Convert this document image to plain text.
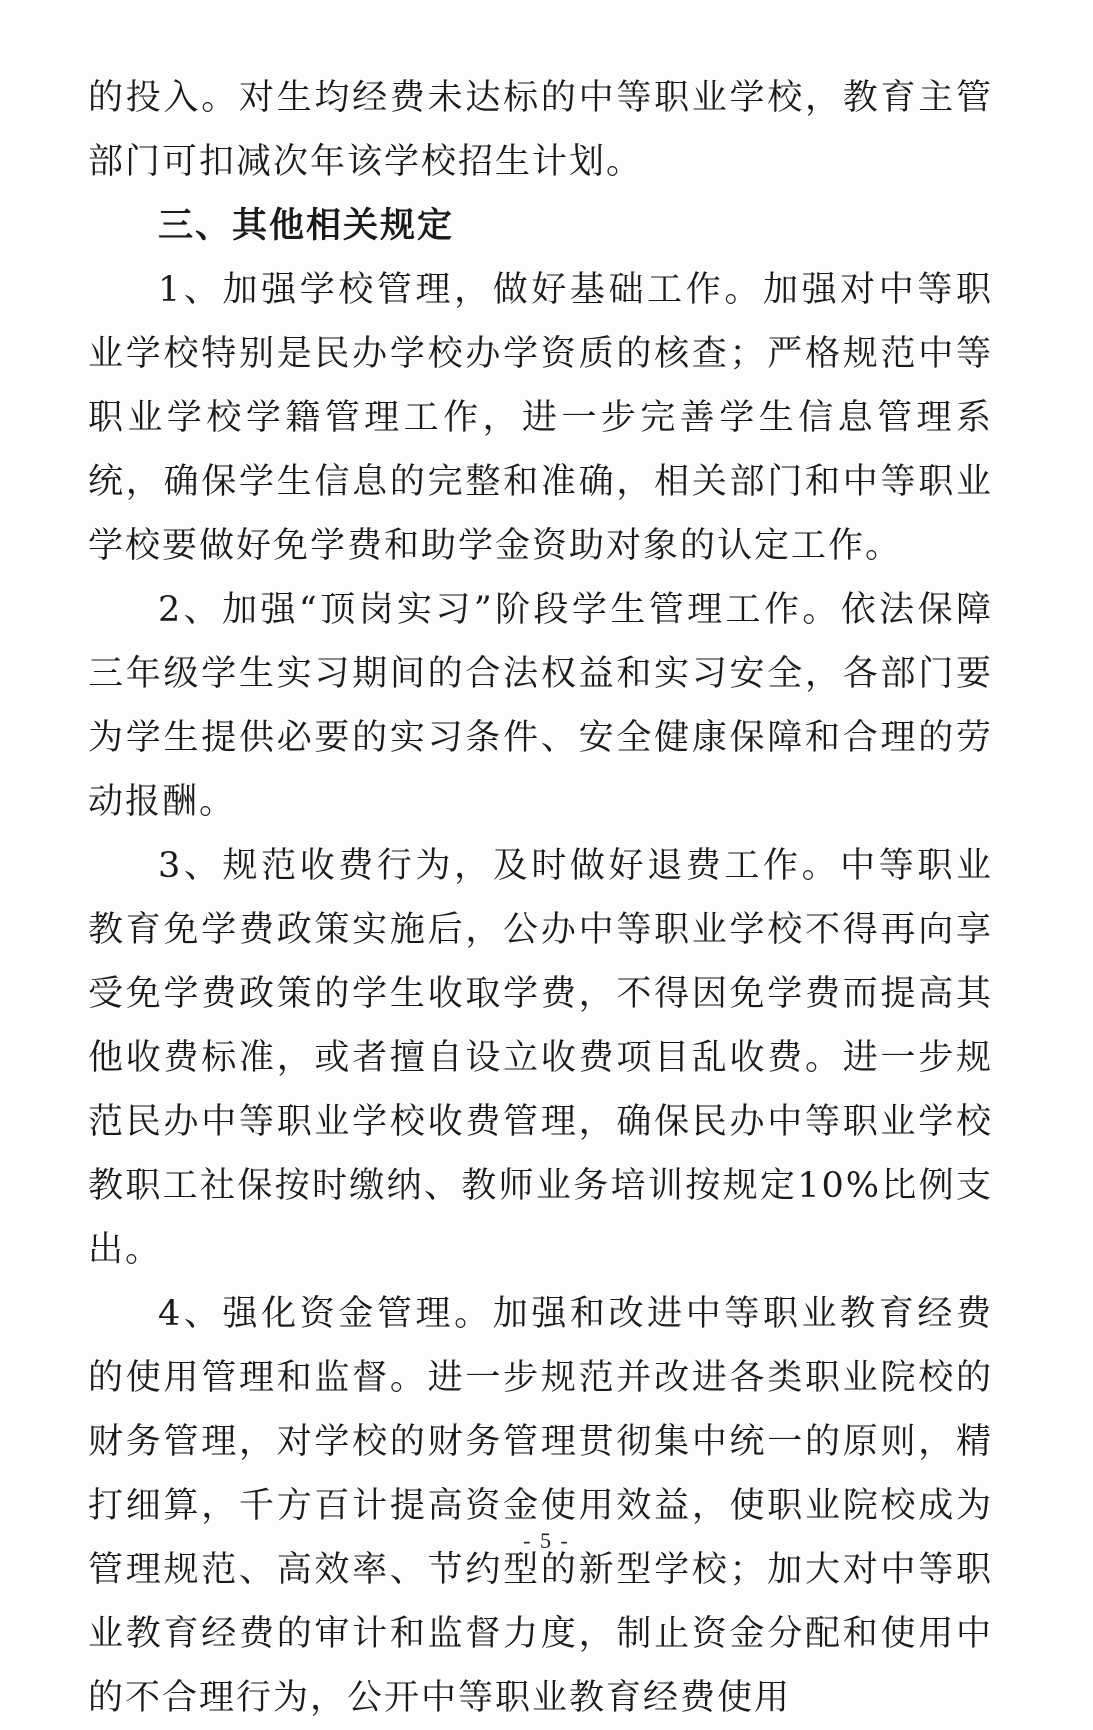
的投入。对生均经费未达标的中等职业学校，教育主管部门可扣减次年该学校招生计划。

三、其他相关规定

1、加强学校管理，做好基础工作。加强对中等职业学校特别是民办学校办学资质的核查；严格规范中等职业学校学籍管理工作，进一步完善学生信息管理系统，确保学生信息的完整和准确，相关部门和中等职业学校要做好免学费和助学金资助对象的认定工作。

2、加强“顶岗实习”阶段学生管理工作。依法保障三年级学生实习期间的合法权益和实习安全，各部门要为学生提供必要的实习条件、安全健康保障和合理的劳动报酬。

3、规范收费行为，及时做好退费工作。中等职业教育免学费政策实施后，公办中等职业学校不得再向享受免学费政策的学生收取学费，不得因免学费而提高其他收费标准，或者擅自设立收费项目乱收费。进一步规范民办中等职业学校收费管理，确保民办中等职业学校教职工社保按时缴纳、教师业务培训按规定10%比例支出。

4、强化资金管理。加强和改进中等职业教育经费的使用管理和监督。进一步规范并改进各类职业院校的财务管理，对学校的财务管理贯彻集中统一的原则，精打细算，千方百计提高资金使用效益，使职业院校成为管理规范、高效率、节约型的新型学校；加大对中等职业教育经费的审计和监督力度，制止资金分配和使用中的不合理行为，公开中等职业教育经费使用

- 5 -
